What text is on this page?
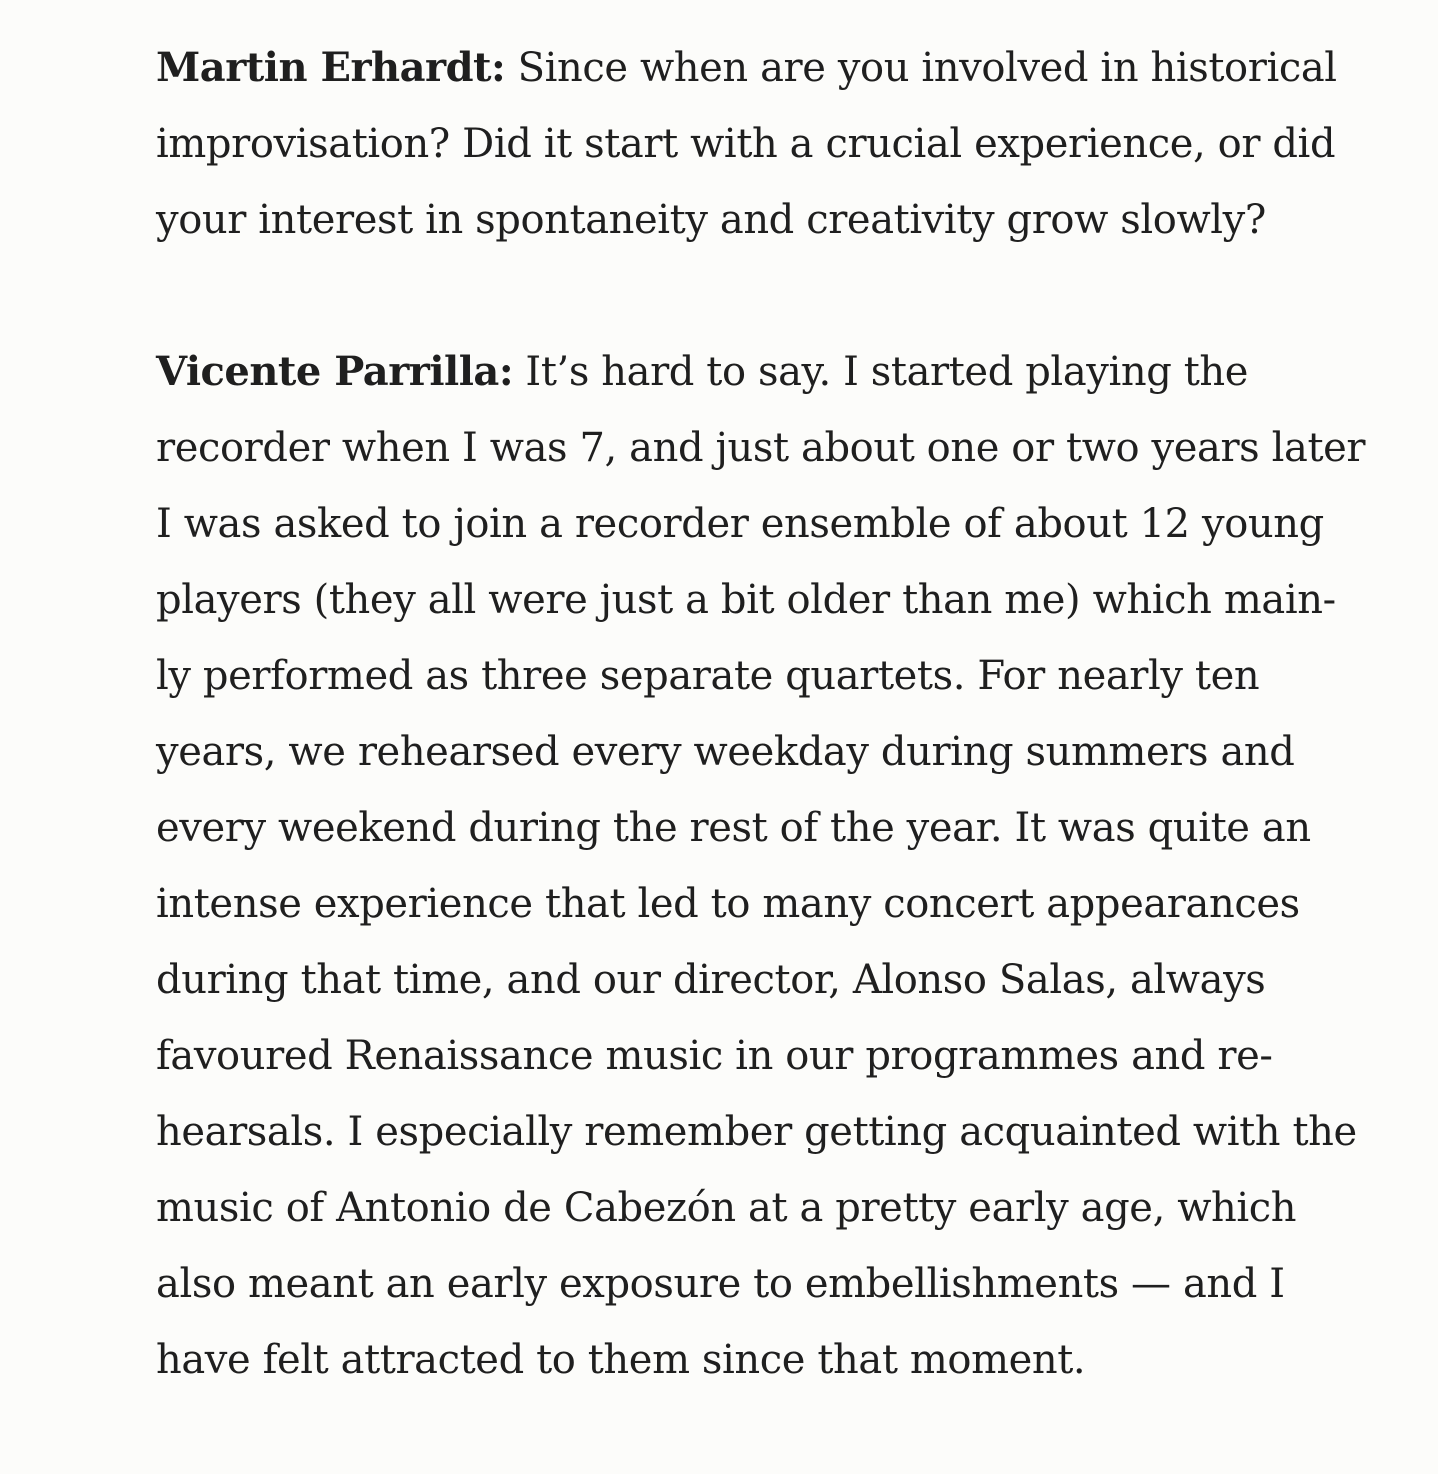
Martin Erhardt: Since when are you involved in historical
improvisation? Did it start with a crucial experience, or did
your interest in spontaneity and creativity grow slowly?

Vicente Parrilla: It’s hard to say. I started playing the
recorder when I was 7, and just about one or two years later
I was asked to join a recorder ensemble of about 12 young
players (they all were just a bit older than me) which main-
ly performed as three separate quartets. For nearly ten
years, we rehearsed every weekday during summers and
every weekend during the rest of the year. It was quite an
intense experience that led to many concert appearances
during that time, and our director, Alonso Salas, always
favoured Renaissance music in our programmes and re-
hearsals. I especially remember getting acquainted with the
music of Antonio de Cabezón at a pretty early age, which
also meant an early exposure to embellishments — and I
have felt attracted to them since that moment.
